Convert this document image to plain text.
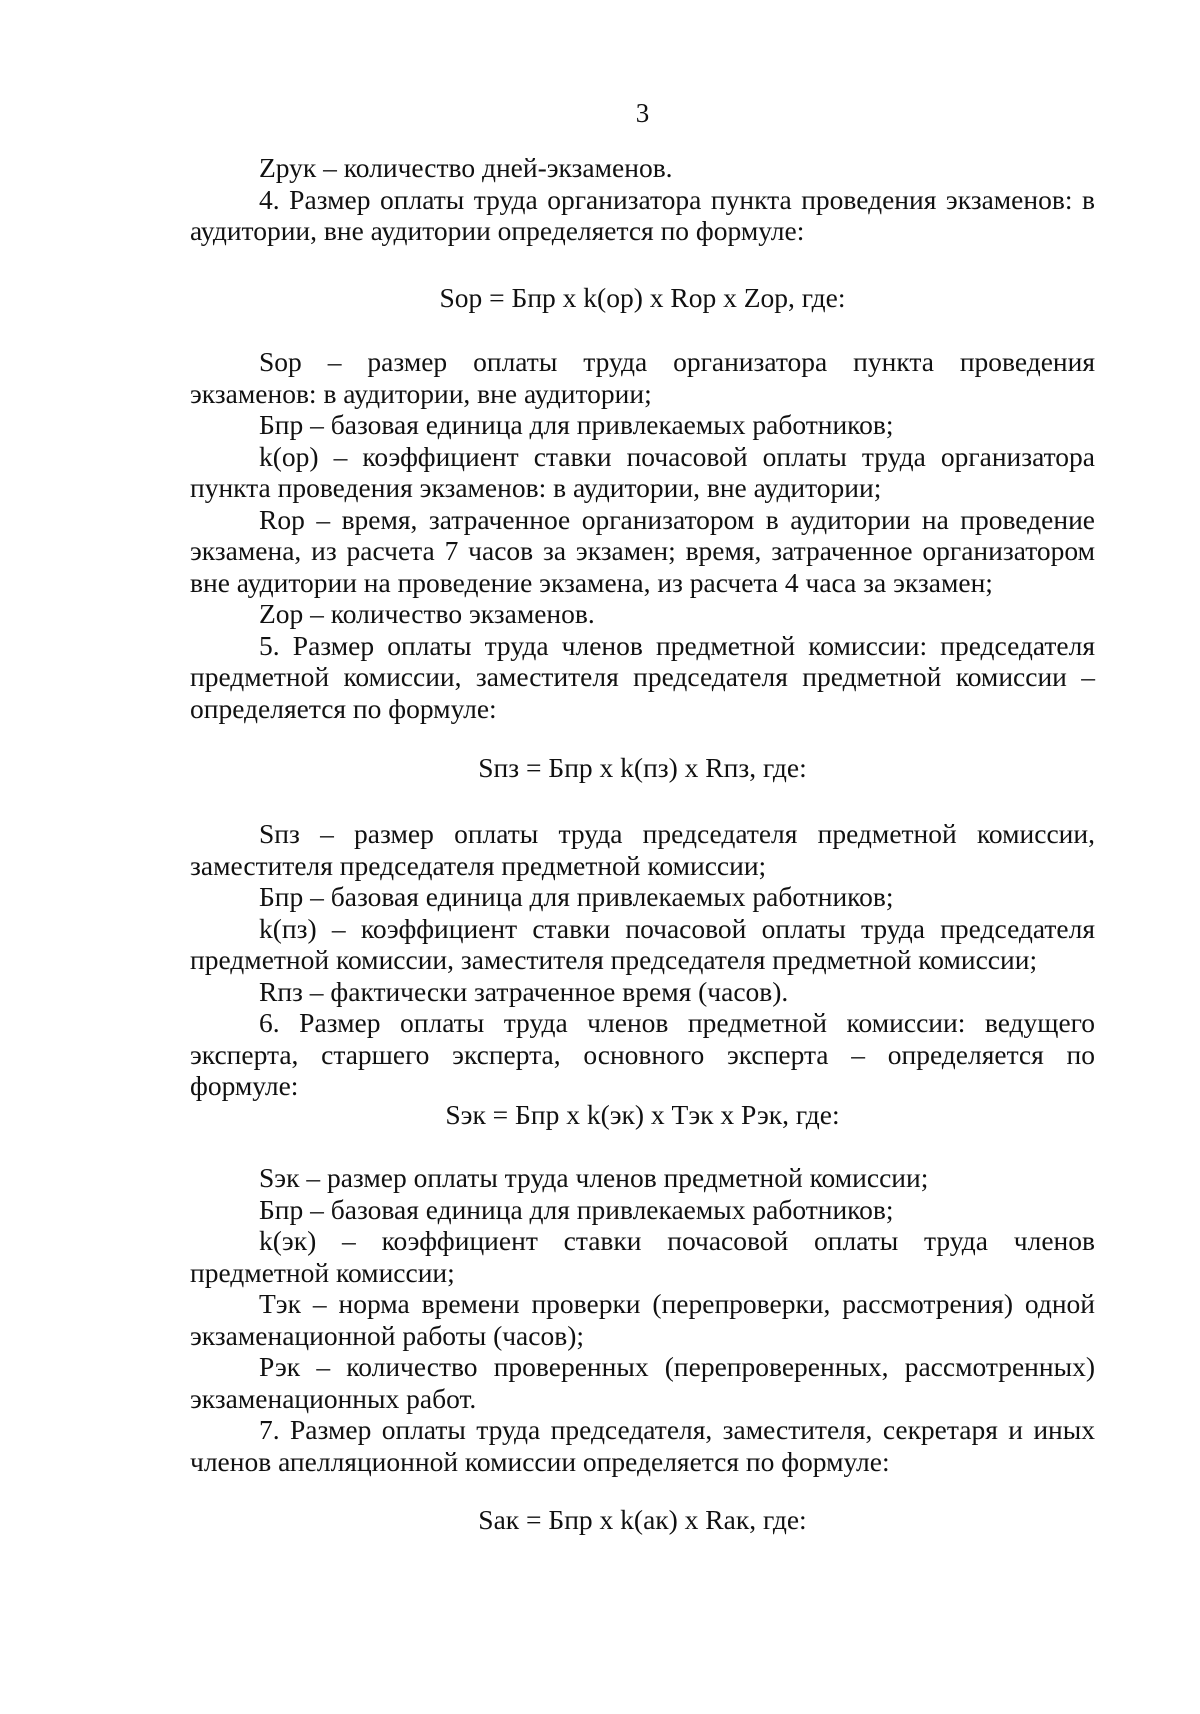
3

Zрук – количество дней-экзаменов.

4. Размер оплаты труда организатора пункта проведения экзаменов: в аудитории, вне аудитории определяется по формуле:

Sор = Бпр х k(ор) х Rор х Zор, где:

Sор – размер оплаты труда организатора пункта проведения экзаменов: в аудитории, вне аудитории;

Бпр – базовая единица для привлекаемых работников;

k(ор) – коэффициент ставки почасовой оплаты труда организатора пункта проведения экзаменов: в аудитории, вне аудитории;

Rор – время, затраченное организатором в аудитории на проведение экзамена, из расчета 7 часов за экзамен; время, затраченное организатором вне аудитории на проведение экзамена, из расчета 4 часа за экзамен;

Zор – количество экзаменов.

5. Размер оплаты труда членов предметной комиссии: председателя предметной комиссии, заместителя председателя предметной комиссии – определяется по формуле:

Sпз = Бпр х k(пз) х Rпз, где:

Sпз – размер оплаты труда председателя предметной комиссии, заместителя председателя предметной комиссии;

Бпр – базовая единица для привлекаемых работников;

k(пз) – коэффициент ставки почасовой оплаты труда председателя предметной комиссии, заместителя председателя предметной комиссии;

Rпз – фактически затраченное время (часов).

6. Размер оплаты труда членов предметной комиссии: ведущего эксперта, старшего эксперта, основного эксперта – определяется по формуле:

Sэк = Бпр х k(эк) х Тэк х Рэк, где:

Sэк – размер оплаты труда членов предметной комиссии;

Бпр – базовая единица для привлекаемых работников;

k(эк) – коэффициент ставки почасовой оплаты труда членов предметной комиссии;

Тэк – норма времени проверки (перепроверки, рассмотрения) одной экзаменационной работы (часов);

Рэк – количество проверенных (перепроверенных, рассмотренных) экзаменационных работ.

7. Размер оплаты труда председателя, заместителя, секретаря и иных членов апелляционной комиссии определяется по формуле:

Sак = Бпр х k(ак) х Rак, где:
